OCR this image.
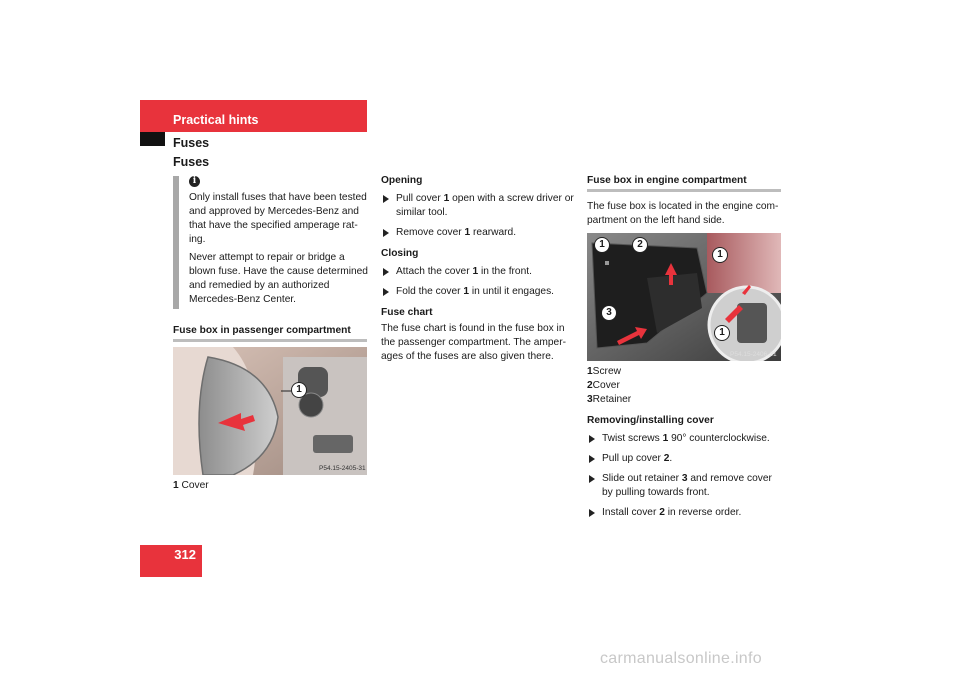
Practical hints
Fuses
Fuses
i

Only install fuses that have been tested and approved by Mercedes-Benz and that have the specified amperage rat-ing.

Never attempt to repair or bridge a blown fuse. Have the cause determined and remedied by an authorized Mercedes-Benz Center.

Fuse box in passenger compartment
1
P54.15-2405-31
1 Cover
Opening
Pull cover 1 open with a screw driver or similar tool.
Remove cover 1 rearward.
Closing
Attach the cover 1 in the front.
Fold the cover 1 in until it engages.
Fuse chart
The fuse chart is found in the fuse box in the passenger compartment. The amper-ages of the fuses are also given there.
Fuse box in engine compartment
The fuse box is located in the engine com-partment on the left hand side.
1	2
1
3
1
P54.15-2406-31
1Screw
2Cover
3Retainer
Removing/installing cover
Twist screws 1 90° counterclockwise.
Pull up cover 2.
Slide out retainer 3 and remove cover by pulling towards front.
Install cover 2 in reverse order.
312
carmanualsonline.info
